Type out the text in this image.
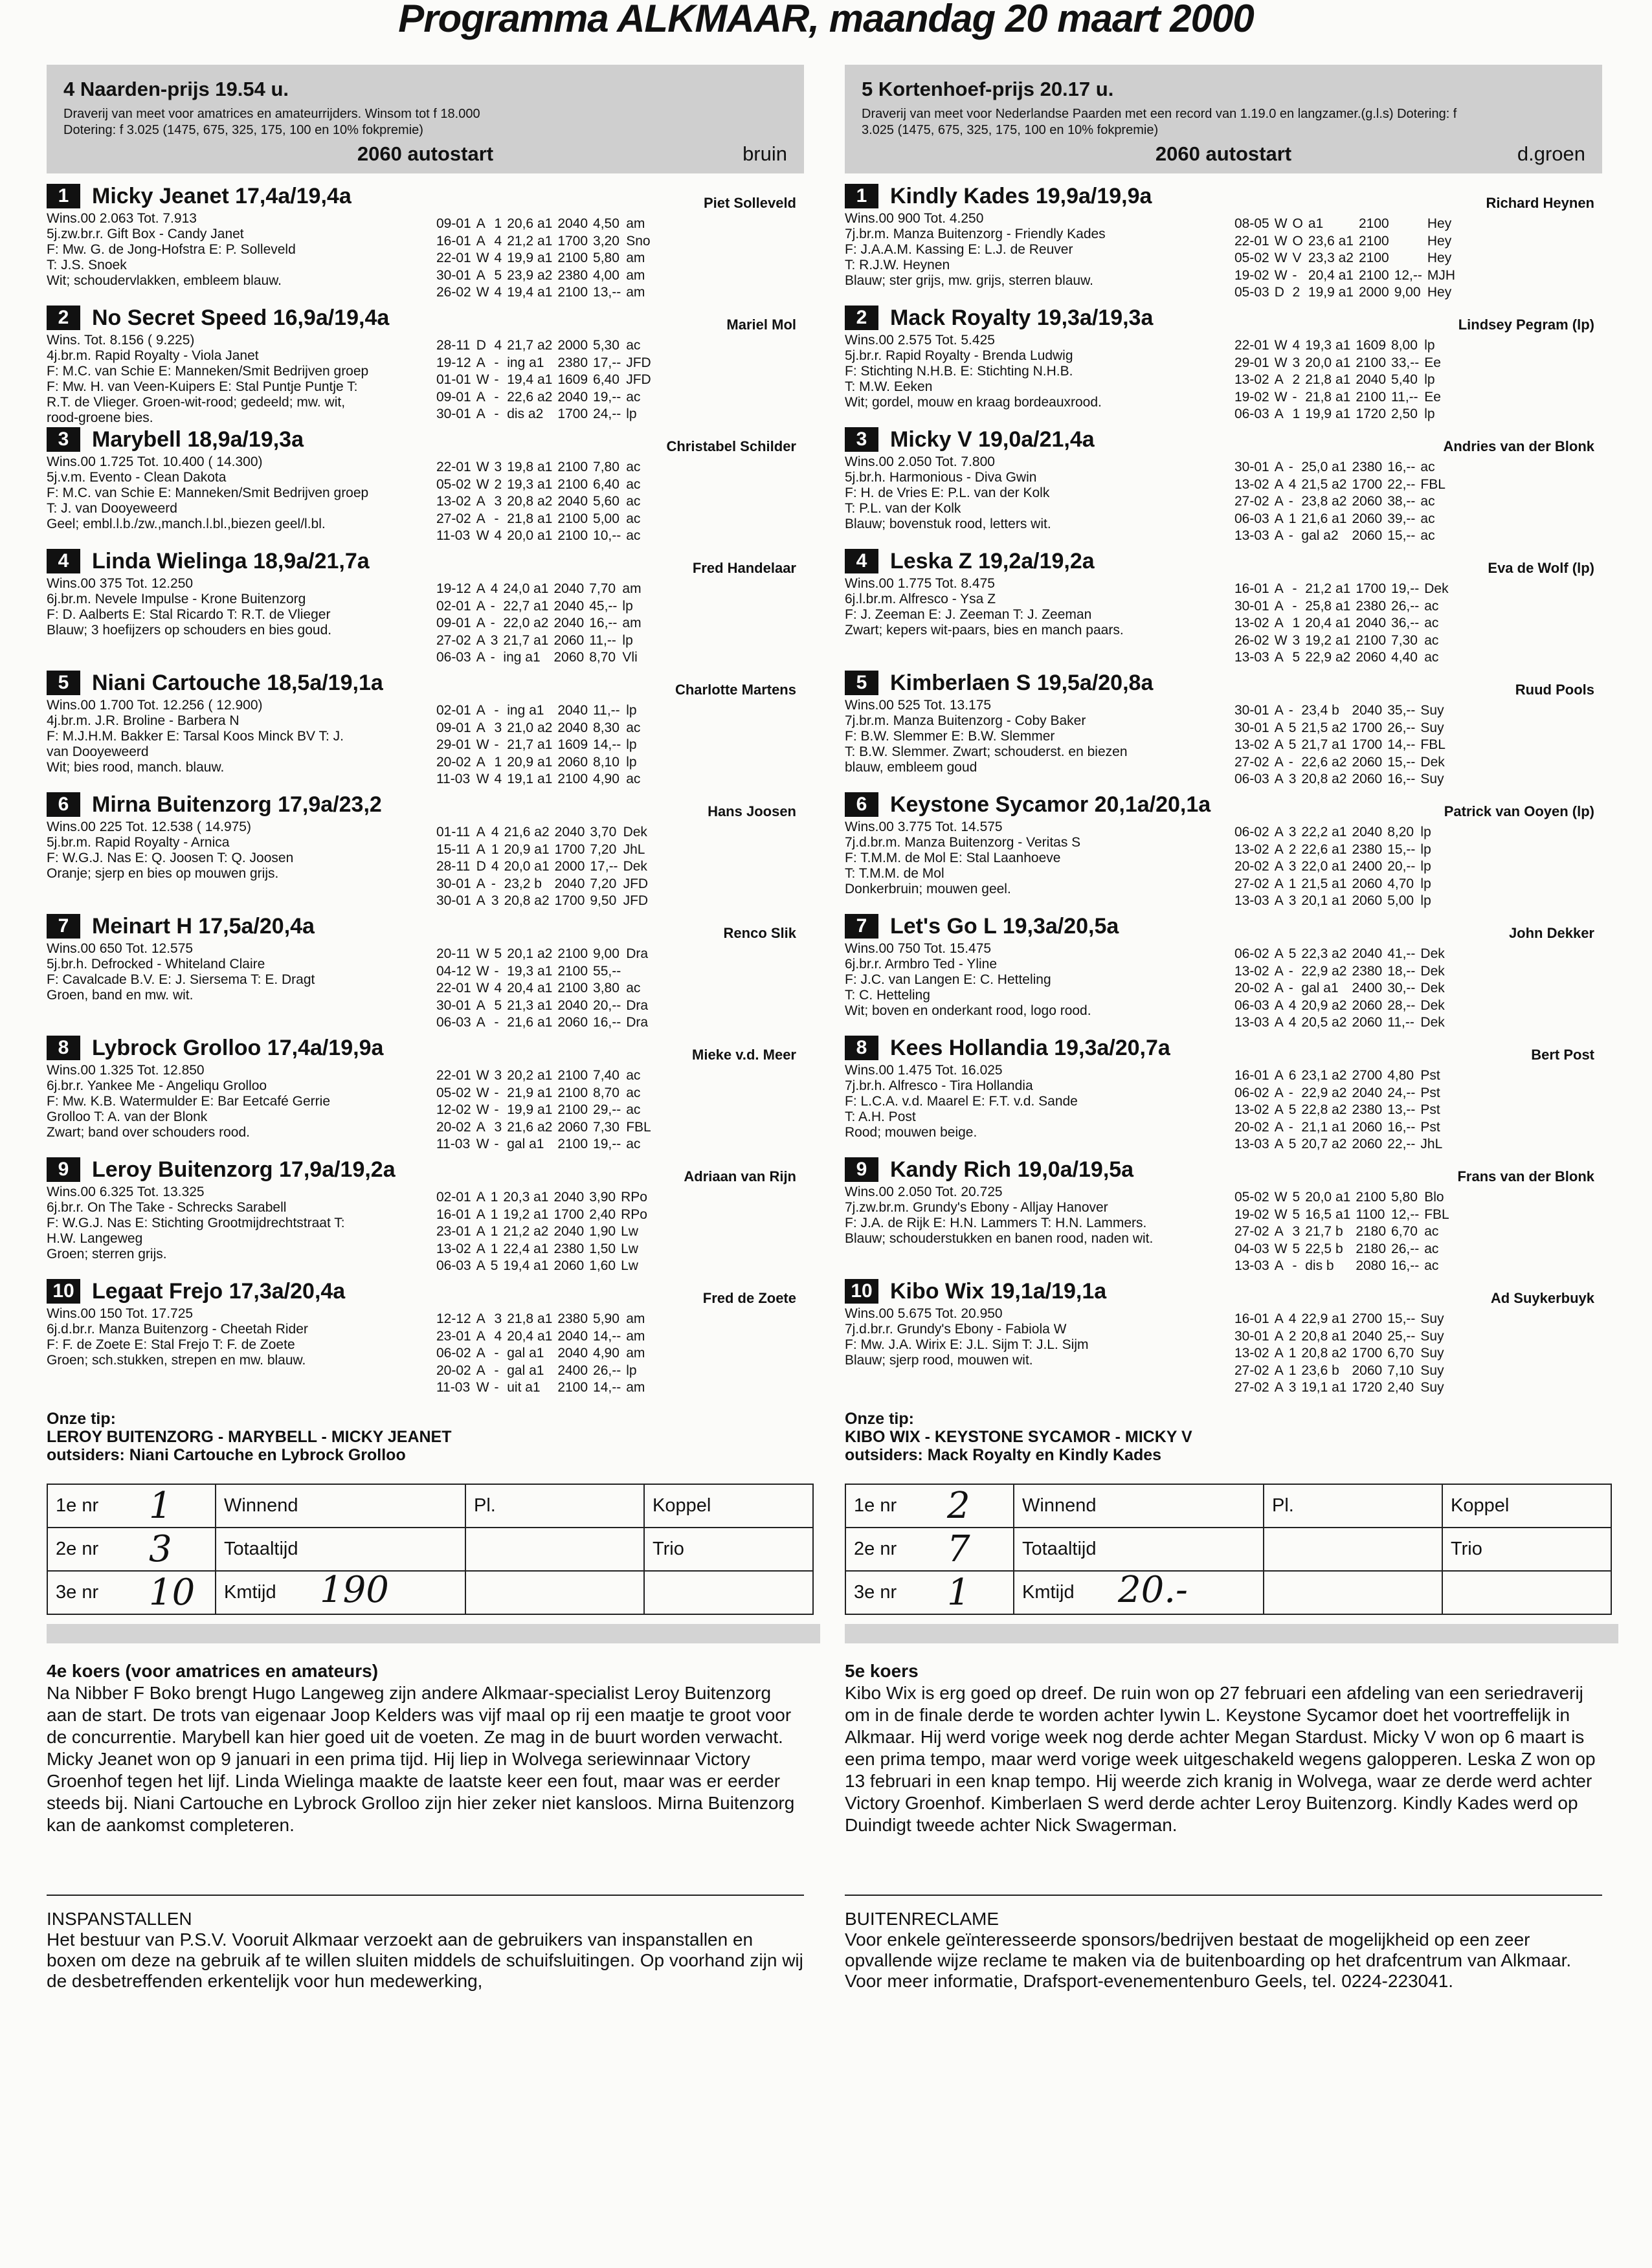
Programma ALKMAAR, maandag 20 maart 2000
4 Naarden-prijs 19.54 u.
Draverij van meet voor amatrices en amateurrijders. Winsom tot f 18.000
Dotering: f 3.025 (1475, 675, 325, 175, 100 en 10% fokpremie)
2060 autostart	bruin
1	Micky Jeanet 17,4a/19,4a	Piet Solleveld
Wins.00 2.063 Tot. 7.913
5j.zw.br.r. Gift Box - Candy Janet
F: Mw. G. de Jong-Hofstra E: P. Solleveld
T: J.S. Snoek
Wit; schoudervlakken, embleem blauw.
09-01	A	1	20,6 a1	2040	4,50	am
16-01	A	4	21,2 a1	1700	3,20	Sno
22-01	W	4	19,9 a1	2100	5,80	am
30-01	A	5	23,9 a2	2380	4,00	am
26-02	W	4	19,4 a1	2100	13,--	am
2	No Secret Speed 16,9a/19,4a	Mariel Mol
Wins. Tot. 8.156 ( 9.225)
4j.br.m. Rapid Royalty - Viola Janet
F: M.C. van Schie E: Manneken/Smit Bedrijven groep
F: Mw. H. van Veen-Kuipers E: Stal Puntje Puntje T:
R.T. de Vlieger. Groen-wit-rood; gedeeld; mw. wit,
rood-groene bies.
28-11	D	4	21,7 a2	2000	5,30	ac
19-12	A	-	ing a1	2380	17,--	JFD
01-01	W	-	19,4 a1	1609	6,40	JFD
09-01	A	-	22,6 a2	2040	19,--	ac
30-01	A	-	dis a2	1700	24,--	lp
3	Marybell 18,9a/19,3a	Christabel Schilder
Wins.00 1.725 Tot. 10.400 ( 14.300)
5j.v.m. Evento - Clean Dakota
F: M.C. van Schie E: Manneken/Smit Bedrijven groep
T: J. van Dooyeweerd
Geel; embl.l.b./zw.,manch.l.bl.,biezen geel/l.bl.
22-01	W	3	19,8 a1	2100	7,80	ac
05-02	W	2	19,3 a1	2100	6,40	ac
13-02	A	3	20,8 a2	2040	5,60	ac
27-02	A	-	21,8 a1	2100	5,00	ac
11-03	W	4	20,0 a1	2100	10,--	ac
4	Linda Wielinga 18,9a/21,7a	Fred Handelaar
Wins.00 375 Tot. 12.250
6j.br.m. Nevele Impulse - Krone Buitenzorg
F: D. Aalberts E: Stal Ricardo T: R.T. de Vlieger
Blauw; 3 hoefijzers op schouders en bies goud.
19-12	A	4	24,0 a1	2040	7,70	am
02-01	A	-	22,7 a1	2040	45,--	lp
09-01	A	-	22,0 a2	2040	16,--	am
27-02	A	3	21,7 a1	2060	11,--	lp
06-03	A	-	ing a1	2060	8,70	Vli
5	Niani Cartouche 18,5a/19,1a	Charlotte Martens
Wins.00 1.700 Tot. 12.256 ( 12.900)
4j.br.m. J.R. Broline - Barbera N
F: M.J.H.M. Bakker E: Tarsal Koos Minck BV T: J.
van Dooyeweerd
Wit; bies rood, manch. blauw.
02-01	A	-	ing a1	2040	11,--	lp
09-01	A	3	21,0 a2	2040	8,30	ac
29-01	W	-	21,7 a1	1609	14,--	lp
20-02	A	1	20,9 a1	2060	8,10	lp
11-03	W	4	19,1 a1	2100	4,90	ac
6	Mirna Buitenzorg 17,9a/23,2	Hans Joosen
Wins.00 225 Tot. 12.538 ( 14.975)
5j.br.m. Rapid Royalty - Arnica
F: W.G.J. Nas E: Q. Joosen T: Q. Joosen
Oranje; sjerp en bies op mouwen grijs.
01-11	A	4	21,6 a2	2040	3,70	Dek
15-11	A	1	20,9 a1	1700	7,20	JhL
28-11	D	4	20,0 a1	2000	17,--	Dek
30-01	A	-	23,2 b	2040	7,20	JFD
30-01	A	3	20,8 a2	1700	9,50	JFD
7	Meinart H 17,5a/20,4a	Renco Slik
Wins.00 650 Tot. 12.575
5j.br.h. Defrocked - Whiteland Claire
F: Cavalcade B.V. E: J. Siersema T: E. Dragt
Groen, band en mw. wit.
20-11	W	5	20,1 a2	2100	9,00	Dra
04-12	W	-	19,3 a1	2100	55,--	
22-01	W	4	20,4 a1	2100	3,80	ac
30-01	A	5	21,3 a1	2040	20,--	Dra
06-03	A	-	21,6 a1	2060	16,--	Dra
8	Lybrock Grolloo 17,4a/19,9a	Mieke v.d. Meer
Wins.00 1.325 Tot. 12.850
6j.br.r. Yankee Me - Angeliqu Grolloo
F: Mw. K.B. Watermulder E: Bar Eetcafé Gerrie
Grolloo T: A. van der Blonk
Zwart; band over schouders rood.
22-01	W	3	20,2 a1	2100	7,40	ac
05-02	W	-	21,9 a1	2100	8,70	ac
12-02	W	-	19,9 a1	2100	29,--	ac
20-02	A	3	21,6 a2	2060	7,30	FBL
11-03	W	-	gal a1	2100	19,--	ac
9	Leroy Buitenzorg 17,9a/19,2a	Adriaan van Rijn
Wins.00 6.325 Tot. 13.325
6j.br.r. On The Take - Schrecks Sarabell
F: W.G.J. Nas E: Stichting Grootmijdrechtstraat T:
H.W. Langeweg
Groen; sterren grijs.
02-01	A	1	20,3 a1	2040	3,90	RPo
16-01	A	1	19,2 a1	1700	2,40	RPo
23-01	A	1	21,2 a2	2040	1,90	Lw
13-02	A	1	22,4 a1	2380	1,50	Lw
06-03	A	5	19,4 a1	2060	1,60	Lw
10 Legaat Frejo 17,3a/20,4a	Fred de Zoete
Wins.00 150 Tot. 17.725
6j.d.br.r. Manza Buitenzorg - Cheetah Rider
F: F. de Zoete E: Stal Frejo T: F. de Zoete
Groen; sch.stukken, strepen en mw. blauw.
12-12	A	3	21,8 a1	2380	5,90	am
23-01	A	4	20,4 a1	2040	14,--	am
06-02	A	-	gal a1	2040	4,90	am
20-02	A	-	gal a1	2400	26,--	lp
11-03	W	-	uit a1	2100	14,--	am
Onze tip:
LEROY BUITENZORG - MARYBELL - MICKY JEANET
outsiders: Niani Cartouche en Lybrock Grolloo
1e nr	1	Winnend	Pl.	Koppel
2e nr	3	Totaaltijd		Trio
3e nr	10	Kmtijd 190		

4e koers (voor amatrices en amateurs)
Na Nibber F Boko brengt Hugo Langeweg zijn andere Alkmaar-specialist Leroy Buitenzorg aan de start. De trots van eigenaar Joop Kelders was vijf maal op rij een maatje te groot voor de concurrentie. Marybell kan hier goed uit de voeten. Ze mag in de buurt worden verwacht. Micky Jeanet won op 9 januari in een prima tijd. Hij liep in Wolvega seriewinnaar Victory Groenhof tegen het lijf. Linda Wielinga maakte de laatste keer een fout, maar was er eerder steeds bij. Niani Cartouche en Lybrock Grolloo zijn hier zeker niet kansloos. Mirna Buitenzorg kan de aankomst completeren.
INSPANSTALLEN
Het bestuur van P.S.V. Vooruit Alkmaar verzoekt aan de gebruikers van inspanstallen en boxen om deze na gebruik af te willen sluiten middels de schuifsluitingen. Op voorhand zijn wij de desbetreffenden erkentelijk voor hun medewerking,
5 Kortenhoef-prijs 20.17 u.
Draverij van meet voor Nederlandse Paarden met een record van 1.19.0 en langzamer.(g.l.s) Dotering: f
3.025 (1475, 675, 325, 175, 100 en 10% fokpremie)
2060 autostart	d.groen
1	Kindly Kades 19,9a/19,9a	Richard Heynen
Wins.00 900 Tot. 4.250
7j.br.m. Manza Buitenzorg - Friendly Kades
F: J.A.A.M. Kassing E: L.J. de Reuver
T: R.J.W. Heynen
Blauw; ster grijs, mw. grijs, sterren blauw.
08-05	W	O	a1	2100		Hey
22-01	W	O	23,6 a1	2100		Hey
05-02	W	V	23,3 a2	2100		Hey
19-02	W	-	20,4 a1	2100	12,--	MJH
05-03	D	2	19,9 a1	2000	9,00	Hey
2	Mack Royalty 19,3a/19,3a	Lindsey Pegram (lp)
Wins.00 2.575 Tot. 5.425
5j.br.r. Rapid Royalty - Brenda Ludwig
F: Stichting N.H.B. E: Stichting N.H.B.
T: M.W. Eeken
Wit; gordel, mouw en kraag bordeauxrood.
22-01	W	4	19,3 a1	1609	8,00	lp
29-01	W	3	20,0 a1	2100	33,--	Ee
13-02	A	2	21,8 a1	2040	5,40	lp
19-02	W	-	21,8 a1	2100	11,--	Ee
06-03	A	1	19,9 a1	1720	2,50	lp
3	Micky V 19,0a/21,4a	Andries van der Blonk
Wins.00 2.050 Tot. 7.800
5j.br.h. Harmonious - Diva Gwin
F: H. de Vries E: P.L. van der Kolk
T: P.L. van der Kolk
Blauw; bovenstuk rood, letters wit.
30-01	A	-	25,0 a1	2380	16,--	ac
13-02	A	4	21,5 a2	1700	22,--	FBL
27-02	A	-	23,8 a2	2060	38,--	ac
06-03	A	1	21,6 a1	2060	39,--	ac
13-03	A	-	gal a2	2060	15,--	ac
4	Leska Z 19,2a/19,2a	Eva de Wolf (lp)
Wins.00 1.775 Tot. 8.475
6j.l.br.m. Alfresco - Ysa Z
F: J. Zeeman E: J. Zeeman T: J. Zeeman
Zwart; kepers wit-paars, bies en manch paars.
16-01	A	-	21,2 a1	1700	19,--	Dek
30-01	A	-	25,8 a1	2380	26,--	ac
13-02	A	1	20,4 a1	2040	36,--	ac
26-02	W	3	19,2 a1	2100	7,30	ac
13-03	A	5	22,9 a2	2060	4,40	ac
5	Kimberlaen S 19,5a/20,8a	Ruud Pools
Wins.00 525 Tot. 13.175
7j.br.m. Manza Buitenzorg - Coby Baker
F: B.W. Slemmer E: B.W. Slemmer
T: B.W. Slemmer. Zwart; schouderst. en biezen
blauw, embleem goud
30-01	A	-	23,4 b	2040	35,--	Suy
30-01	A	5	21,5 a2	1700	26,--	Suy
13-02	A	5	21,7 a1	1700	14,--	FBL
27-02	A	-	22,6 a2	2060	15,--	Dek
06-03	A	3	20,8 a2	2060	16,--	Suy
6	Keystone Sycamor 20,1a/20,1a	Patrick van Ooyen (lp)
Wins.00 3.775 Tot. 14.575
7j.d.br.m. Manza Buitenzorg - Veritas S
F: T.M.M. de Mol E: Stal Laanhoeve
T: T.M.M. de Mol
Donkerbruin; mouwen geel.
06-02	A	3	22,2 a1	2040	8,20	lp
13-02	A	2	22,6 a1	2380	15,--	lp
20-02	A	3	22,0 a1	2400	20,--	lp
27-02	A	1	21,5 a1	2060	4,70	lp
13-03	A	3	20,1 a1	2060	5,00	lp
7	Let's Go L 19,3a/20,5a	John Dekker
Wins.00 750 Tot. 15.475
6j.br.r. Armbro Ted - Yline
F: J.C. van Langen E: C. Hetteling
T: C. Hetteling
Wit; boven en onderkant rood, logo rood.
06-02	A	5	22,3 a2	2040	41,--	Dek
13-02	A	-	22,9 a2	2380	18,--	Dek
20-02	A	-	gal a1	2400	30,--	Dek
06-03	A	4	20,9 a2	2060	28,--	Dek
13-03	A	4	20,5 a2	2060	11,--	Dek
8	Kees Hollandia 19,3a/20,7a	Bert Post
Wins.00 1.475 Tot. 16.025
7j.br.h. Alfresco - Tira Hollandia
F: L.C.A. v.d. Maarel E: F.T. v.d. Sande
T: A.H. Post
Rood; mouwen beige.
16-01	A	6	23,1 a2	2700	4,80	Pst
06-02	A	-	22,9 a2	2040	24,--	Pst
13-02	A	5	22,8 a2	2380	13,--	Pst
20-02	A	-	21,1 a1	2060	16,--	Pst
13-03	A	5	20,7 a2	2060	22,--	JhL
9	Kandy Rich 19,0a/19,5a	Frans van der Blonk
Wins.00 2.050 Tot. 20.725
7j.zw.br.m. Grundy's Ebony - Alljay Hanover
F: J.A. de Rijk E: H.N. Lammers T: H.N. Lammers.
Blauw; schouderstukken en banen rood, naden wit.
05-02	W	5	20,0 a1	2100	5,80	Blo
19-02	W	5	16,5 a1	1100	12,--	FBL
27-02	A	3	21,7 b	2180	6,70	ac
04-03	W	5	22,5 b	2180	26,--	ac
13-03	A	-	dis b	2080	16,--	ac
10 Kibo Wix 19,1a/19,1a	Ad Suykerbuyk
Wins.00 5.675 Tot. 20.950
7j.d.br.r. Grundy's Ebony - Fabiola W
F: Mw. J.A. Wirix E: J.L. Sijm T: J.L. Sijm
Blauw; sjerp rood, mouwen wit.
16-01	A	4	22,9 a1	2700	15,--	Suy
30-01	A	2	20,8 a1	2040	25,--	Suy
13-02	A	1	20,8 a2	1700	6,70	Suy
27-02	A	1	23,6 b	2060	7,10	Suy
27-02	A	3	19,1 a1	1720	2,40	Suy
Onze tip:
KIBO WIX - KEYSTONE SYCAMOR - MICKY V
outsiders: Mack Royalty en Kindly Kades
1e nr	2	Winnend	Pl.	Koppel
2e nr	7	Totaaltijd		Trio
3e nr	1	Kmtijd 20.-		

5e koers
Kibo Wix is erg goed op dreef. De ruin won op 27 februari een afdeling van een seriedraverij om in de finale derde te worden achter Iywin L. Keystone Sycamor doet het voortreffelijk in Alkmaar. Hij werd vorige week nog derde achter Megan Stardust. Micky V won op 6 maart is een prima tempo, maar werd vorige week uitgeschakeld wegens galopperen. Leska Z won op 13 februari in een knap tempo. Hij weerde zich kranig in Wolvega, waar ze derde werd achter Victory Groenhof. Kimberlaen S werd derde achter Leroy Buitenzorg. Kindly Kades werd op Duindigt tweede achter Nick Swagerman.
BUITENRECLAME
Voor enkele geïnteresseerde sponsors/bedrijven bestaat de mogelijkheid op een zeer opvallende wijze reclame te maken via de buitenboarding op het drafcentrum van Alkmaar. Voor meer informatie, Drafsport-evenementenburo Geels, tel. 0224-223041.
